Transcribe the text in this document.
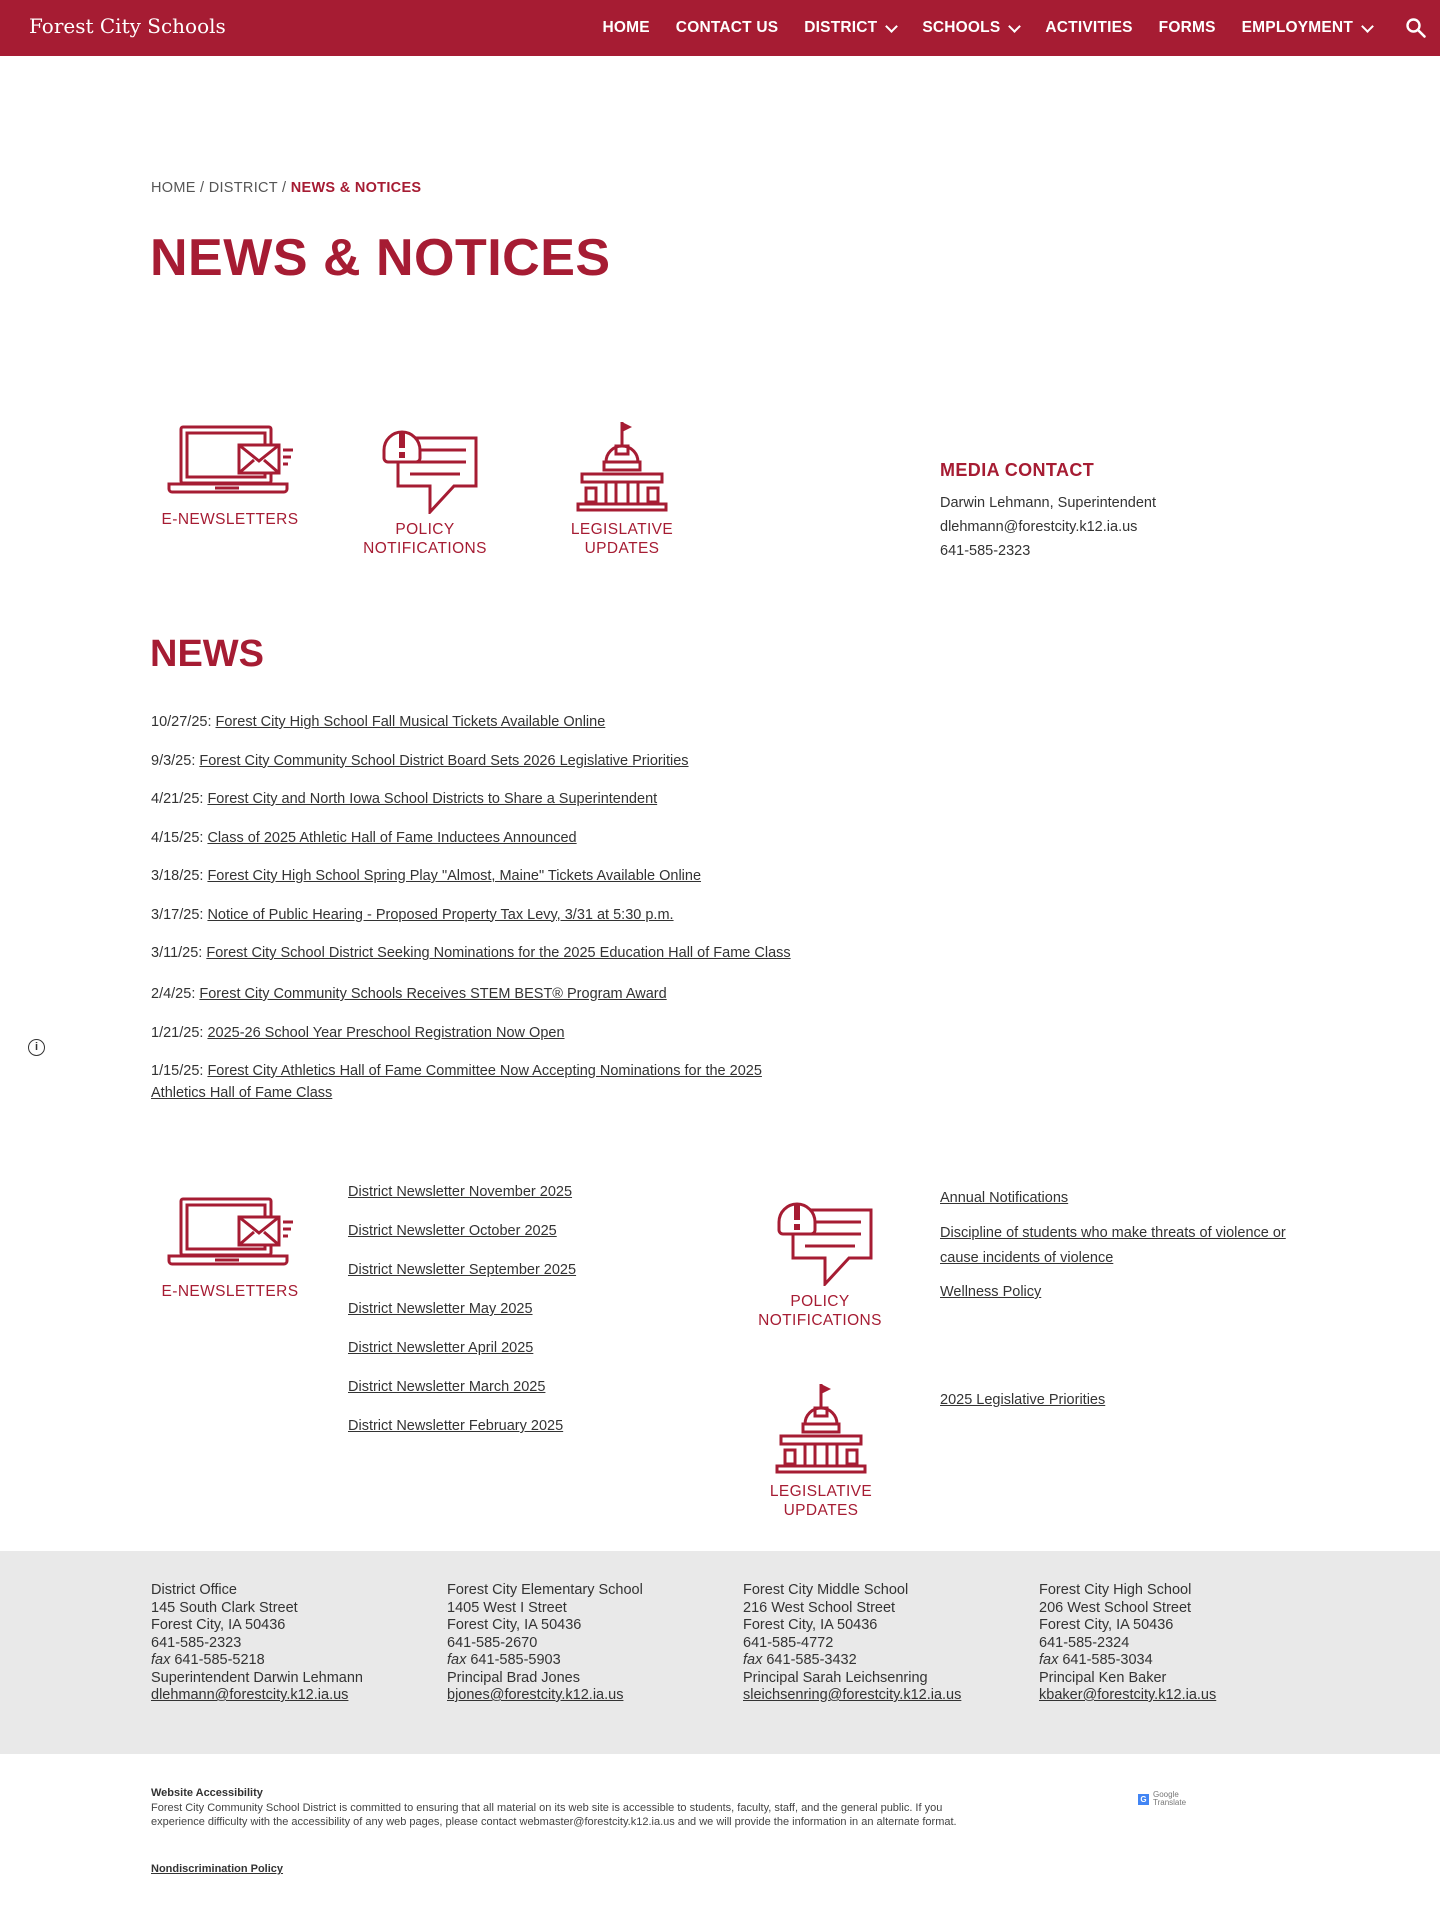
Forest City Schools	HOME CONTACT US DISTRICT	SCHOOLS	ACTIVITIES FORMS EMPLOYMENT
HOME / DISTRICT / NEWS & NOTICES
NEWS & NOTICES
E-NEWSLETTERS
POLICY
NOTIFICATIONS
LEGISLATIVE
UPDATES
MEDIA CONTACT
Darwin Lehmann, Superintendent
dlehmann@forestcity.k12.ia.us
641-585-2323
NEWS
10/27/25: Forest City High School Fall Musical Tickets Available Online
9/3/25: Forest City Community School District Board Sets 2026 Legislative Priorities
4/21/25: Forest City and North Iowa School Districts to Share a Superintendent
4/15/25: Class of 2025 Athletic Hall of Fame Inductees Announced
3/18/25: Forest City High School Spring Play "Almost, Maine" Tickets Available Online
3/17/25: Notice of Public Hearing - Proposed Property Tax Levy, 3/31 at 5:30 p.m.
3/11/25: Forest City School District Seeking Nominations for the 2025 Education Hall of Fame Class
2/4/25: Forest City Community Schools Receives STEM BEST® Program Award
1/21/25: 2025-26 School Year Preschool Registration Now Open
1/15/25: Forest City Athletics Hall of Fame Committee Now Accepting Nominations for the 2025 Athletics Hall of Fame Class
i
E-NEWSLETTERS
District Newsletter November 2025
District Newsletter October 2025
District Newsletter September 2025
District Newsletter May 2025
District Newsletter April 2025
District Newsletter March 2025
District Newsletter February 2025
POLICY
NOTIFICATIONS
LEGISLATIVE
UPDATES
Annual Notifications
Discipline of students who make threats of violence or cause incidents of violence
Wellness Policy
2025 Legislative Priorities
District Office
145 South Clark Street
Forest City, IA 50436
641-585-2323
fax 641-585-5218
Superintendent Darwin Lehmann
dlehmann@forestcity.k12.ia.us
Forest City Elementary School
1405 West I Street
Forest City, IA 50436
641-585-2670
fax 641-585-5903
Principal Brad Jones
bjones@forestcity.k12.ia.us
Forest City Middle School
216 West School Street
Forest City, IA 50436
641-585-4772
fax 641-585-3432
Principal Sarah Leichsenring
sleichsenring@forestcity.k12.ia.us
Forest City High School
206 West School Street
Forest City, IA 50436
641-585-2324
fax 641-585-3034
Principal Ken Baker
kbaker@forestcity.k12.ia.us
Website Accessibility
Forest City Community School District is committed to ensuring that all material on its web site is accessible to students, faculty, staff, and the general public. If you experience difficulty with the accessibility of any web pages, please contact webmaster@forestcity.k12.ia.us and we will provide the information in an alternate format.
Nondiscrimination Policy
G Google
Translate
